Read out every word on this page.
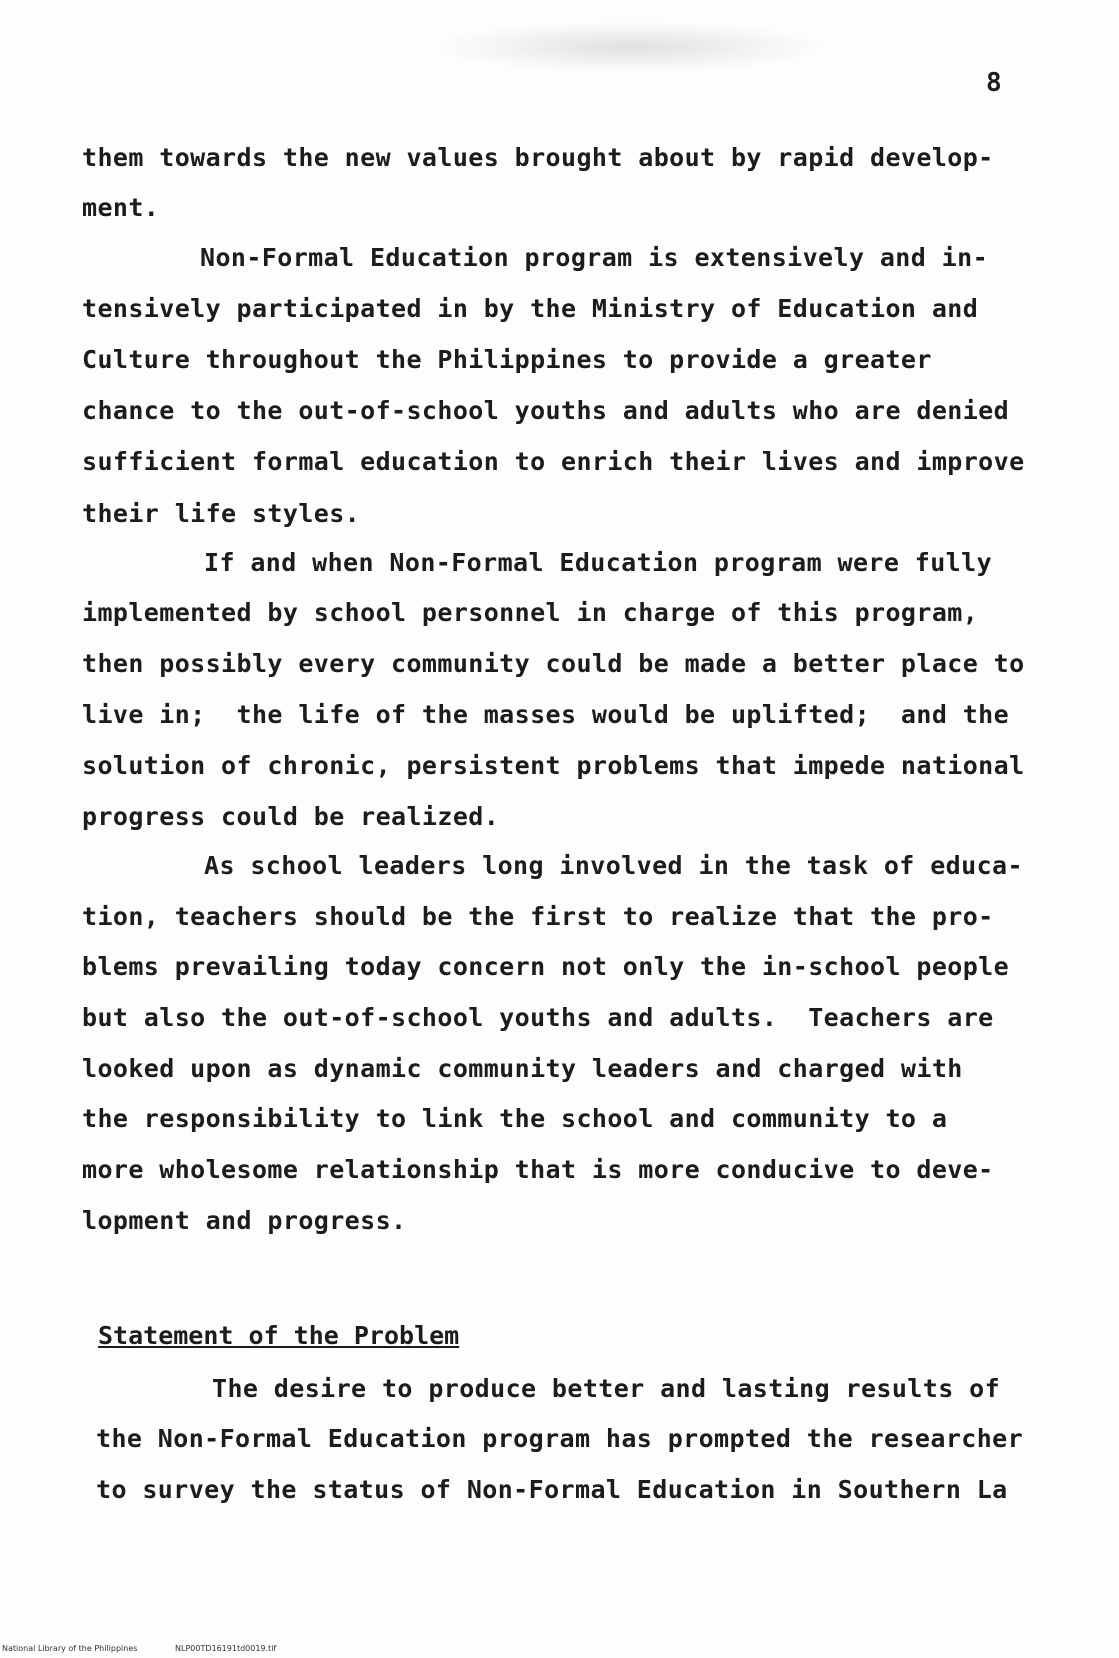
8
them towards the new values brought about by rapid develop-
ment.
Non-Formal Education program is extensively and in-
tensively participated in by the Ministry of Education and
Culture throughout the Philippines to provide a greater
chance to the out-of-school youths and adults who are denied
sufficient formal education to enrich their lives and improve
their life styles.
If and when Non-Formal Education program were fully
implemented by school personnel in charge of this program,
then possibly every community could be made a better place to
live in;  the life of the masses would be uplifted;  and the
solution of chronic, persistent problems that impede national
progress could be realized.
As school leaders long involved in the task of educa-
tion, teachers should be the first to realize that the pro-
blems prevailing today concern not only the in-school people
but also the out-of-school youths and adults.  Teachers are
looked upon as dynamic community leaders and charged with
the responsibility to link the school and community to a
more wholesome relationship that is more conducive to deve-
lopment and progress.
Statement of the Problem
The desire to produce better and lasting results of
the Non-Formal Education program has prompted the researcher
to survey the status of Non-Formal Education in Southern La
National Library of the Philippines	NLP00TD16191td0019.tif
